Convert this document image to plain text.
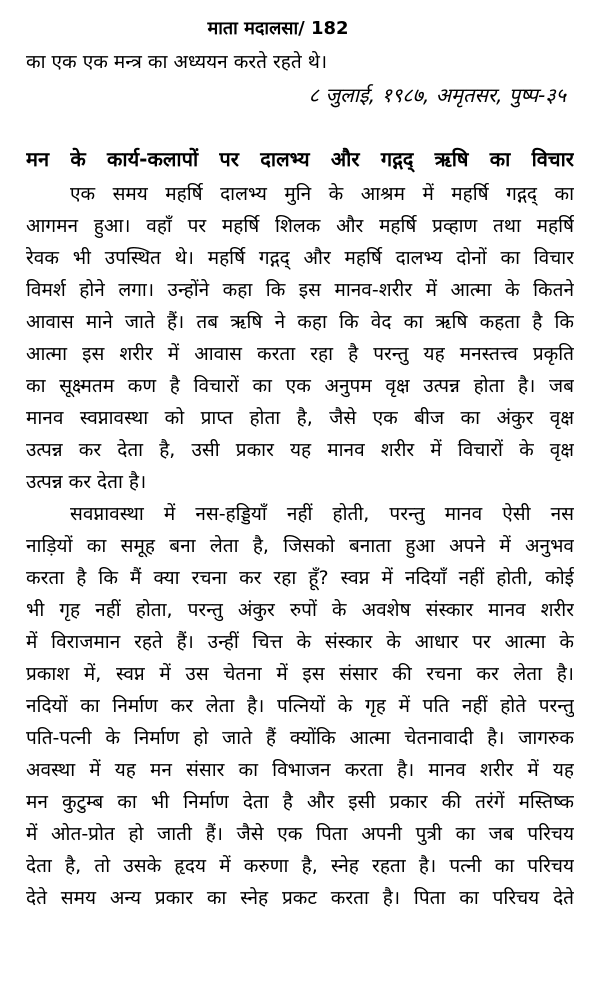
माता मदालसा/ 182
का एक एक मन्त्र का अध्ययन करते रहते थे।
८ जुलाई, १९८७, अमृतसर, पुष्प-३५
मन के कार्य-कलापों पर दालभ्य और गद्गद् ऋषि का विचार
एक समय महर्षि दालभ्य मुनि के आश्रम में महर्षि गद्गद् का
आगमन हुआ। वहाँ पर महर्षि शिलक और महर्षि प्रव्हाण तथा महर्षि
रेवक भी उपस्थित थे। महर्षि गद्गद् और महर्षि दालभ्य दोनों का विचार
विमर्श होने लगा। उन्होंने कहा कि इस मानव-शरीर में आत्मा के कितने
आवास माने जाते हैं। तब ऋषि ने कहा कि वेद का ऋषि कहता है कि
आत्मा इस शरीर में आवास करता रहा है परन्तु यह मनस्तत्त्व प्रकृति
का सूक्ष्मतम कण है विचारों का एक अनुपम वृक्ष उत्पन्न होता है। जब
मानव स्वप्नावस्था को प्राप्त होता है, जैसे एक बीज का अंकुर वृक्ष
उत्पन्न कर देता है, उसी प्रकार यह मानव शरीर में विचारों के वृक्ष
उत्पन्न कर देता है।
सवप्नावस्था में नस-हड्डियाँ नहीं होती, परन्तु मानव ऐसी नस
नाड़ियों का समूह बना लेता है, जिसको बनाता हुआ अपने में अनुभव
करता है कि मैं क्या रचना कर रहा हूँ? स्वप्न में नदियाँ नहीं होती, कोई
भी गृह नहीं होता, परन्तु अंकुर रुपों के अवशेष संस्कार मानव शरीर
में विराजमान रहते हैं। उन्हीं चित्त के संस्कार के आधार पर आत्मा के
प्रकाश में, स्वप्न में उस चेतना में इस संसार की रचना कर लेता है।
नदियों का निर्माण कर लेता है। पत्नियों के गृह में पति नहीं होते परन्तु
पति-पत्नी के निर्माण हो जाते हैं क्योंकि आत्मा चेतनावादी है। जागरुक
अवस्था में यह मन संसार का विभाजन करता है। मानव शरीर में यह
मन कुटुम्ब का भी निर्माण देता है और इसी प्रकार की तरंगें मस्तिष्क
में ओत-प्रोत हो जाती हैं। जैसे एक पिता अपनी पुत्री का जब परिचय
देता है, तो उसके हृदय में करुणा है, स्नेह रहता है। पत्नी का परिचय
देते समय अन्य प्रकार का स्नेह प्रकट करता है। पिता का परिचय देते
